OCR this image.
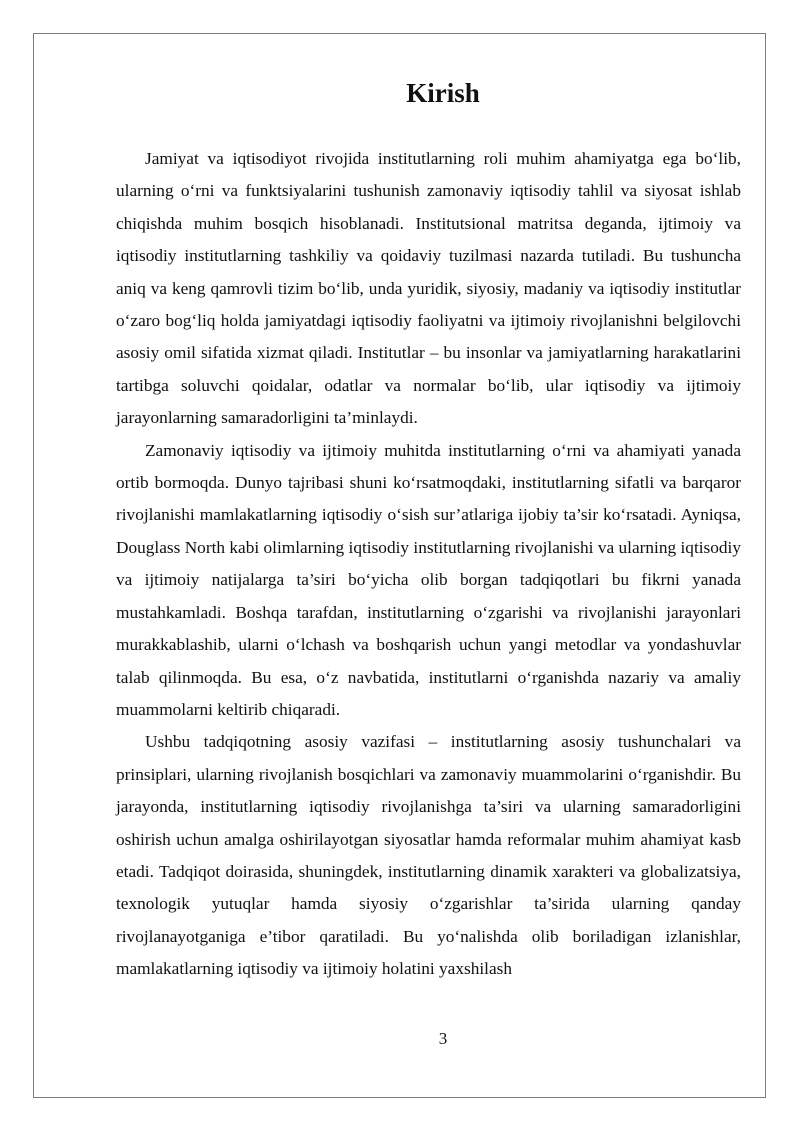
Kirish

Jamiyat va iqtisodiyot rivojida institutlarning roli muhim ahamiyatga ega bo‘lib, ularning o‘rni va funktsiyalarini tushunish zamonaviy iqtisodiy tahlil va siyosat ishlab chiqishda muhim bosqich hisoblanadi. Institutsional matritsa deganda, ijtimoiy va iqtisodiy institutlarning tashkiliy va qoidaviy tuzilmasi nazarda tutiladi. Bu tushuncha aniq va keng qamrovli tizim bo‘lib, unda yuridik, siyosiy, madaniy va iqtisodiy institutlar o‘zaro bog‘liq holda jamiyatdagi iqtisodiy faoliyatni va ijtimoiy rivojlanishni belgilovchi asosiy omil sifatida xizmat qiladi. Institutlar – bu insonlar va jamiyatlarning harakatlarini tartibga soluvchi qoidalar, odatlar va normalar bo‘lib, ular iqtisodiy va ijtimoiy jarayonlarning samaradorligini ta’minlaydi.

Zamonaviy iqtisodiy va ijtimoiy muhitda institutlarning o‘rni va ahamiyati yanada ortib bormoqda. Dunyo tajribasi shuni ko‘rsatmoqdaki, institutlarning sifatli va barqaror rivojlanishi mamlakatlarning iqtisodiy o‘sish sur’atlariga ijobiy ta’sir ko‘rsatadi. Ayniqsa, Douglass North kabi olimlarning iqtisodiy institutlarning rivojlanishi va ularning iqtisodiy va ijtimoiy natijalarga ta’siri bo‘yicha olib borgan tadqiqotlari bu fikrni yanada mustahkamladi. Boshqa tarafdan, institutlarning o‘zgarishi va rivojlanishi jarayonlari murakkablashib, ularni o‘lchash va boshqarish uchun yangi metodlar va yondashuvlar talab qilinmoqda. Bu esa, o‘z navbatida, institutlarni o‘rganishda nazariy va amaliy muammolarni keltirib chiqaradi.

Ushbu tadqiqotning asosiy vazifasi – institutlarning asosiy tushunchalari va prinsiplari, ularning rivojlanish bosqichlari va zamonaviy muammolarini o‘rganishdir. Bu jarayonda, institutlarning iqtisodiy rivojlanishga ta’siri va ularning samaradorligini oshirish uchun amalga oshirilayotgan siyosatlar hamda reformalar muhim ahamiyat kasb etadi. Tadqiqot doirasida, shuningdek, institutlarning dinamik xarakteri va globalizatsiya, texnologik yutuqlar hamda siyosiy o‘zgarishlar ta’sirida ularning qanday rivojlanayotganiga e’tibor qaratiladi. Bu yo‘nalishda olib boriladigan izlanishlar, mamlakatlarning iqtisodiy va ijtimoiy holatini yaxshilash

3
